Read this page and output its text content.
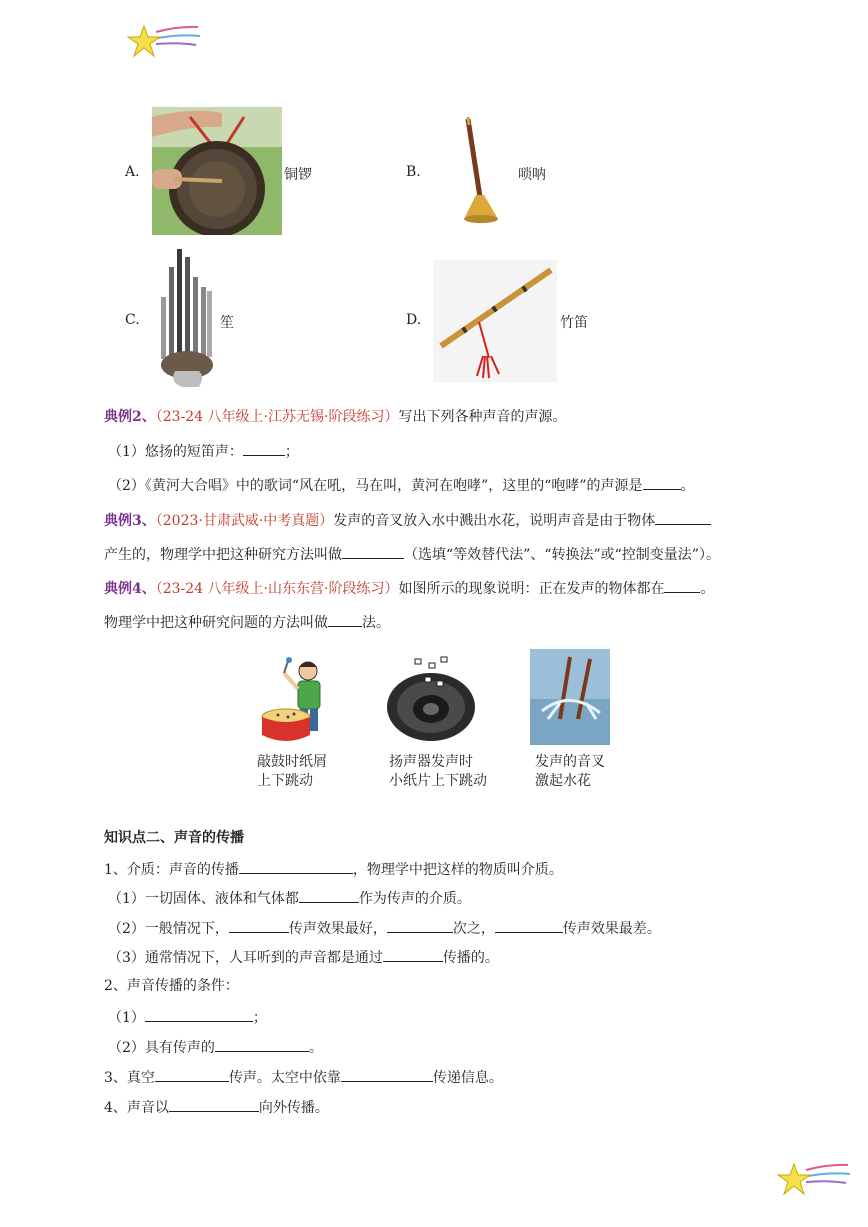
A.	铜锣	B.	唢呐
C.	笙	D.	竹笛
典例2、（23-24 八年级上·江苏无锡·阶段练习）写出下列各种声音的声源。
（1）悠扬的短笛声：	；
（2）《黄河大合唱》中的歌词“风在吼，马在叫，黄河在咆哮”，这里的“咆哮”的声源是	。
典例3、（2023·甘肃武威·中考真题）发声的音叉放入水中溅出水花，说明声音是由于物体
产生的，物理学中把这种研究方法叫做	（选填“等效替代法”、“转换法”或“控制变量法”）。
典例4、（23-24 八年级上·山东东营·阶段练习）如图所示的现象说明：正在发声的物体都在	。
物理学中把这种研究问题的方法叫做 法。
敲鼓时纸屑
上下跳动
扬声器发声时
小纸片上下跳动
发声的音叉
激起水花
知识点二、声音的传播
1、介质：声音的传播	，物理学中把这样的物质叫介质。
（1）一切固体、液体和气体都	作为传声的介质。
（2）一般情况下，	传声效果最好，	次之，	传声效果最差。
（3）通常情况下，人耳听到的声音都是通过	传播的。
2、声音传播的条件：
（1）	；
（2）具有传声的	。
3、真空	传声。太空中依靠	传递信息。
4、声音以	向外传播。
